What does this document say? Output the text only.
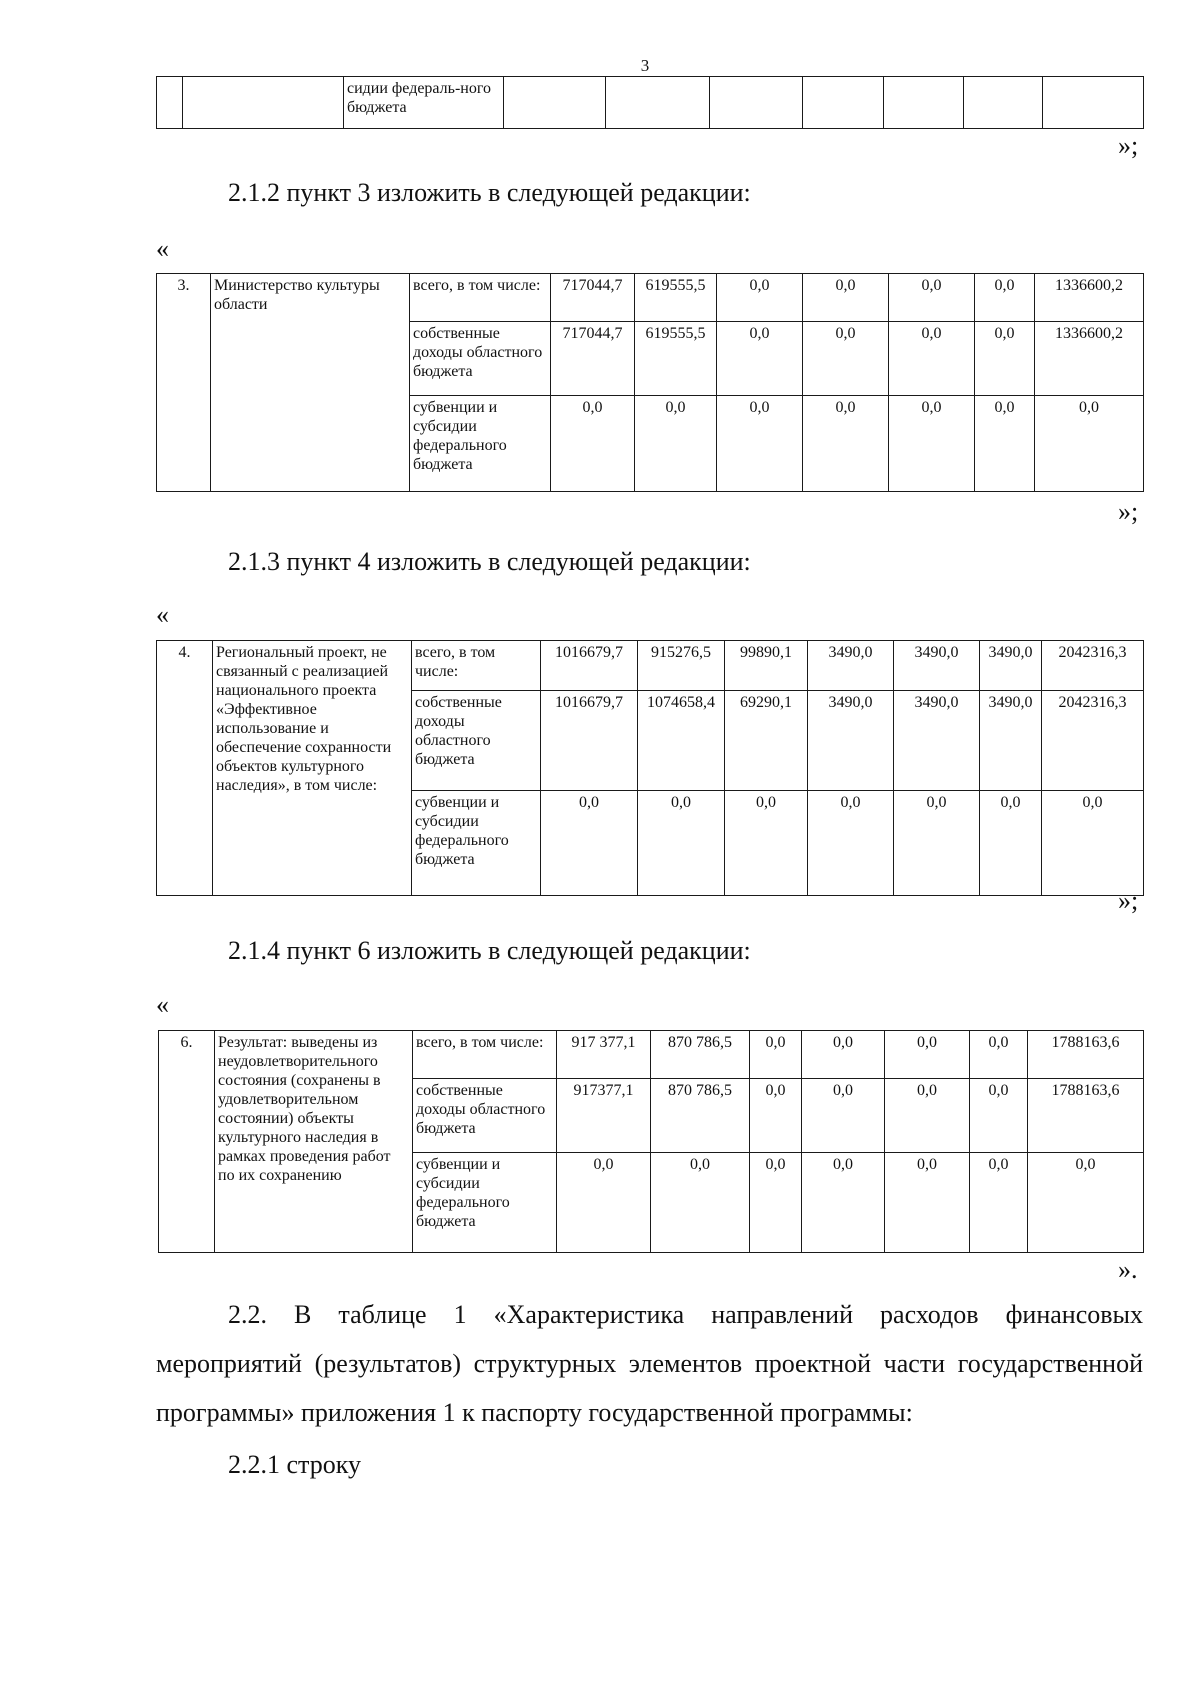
3
		сидии федераль-ного бюджета							
»;
2.1.2 пункт 3 изложить в следующей редакции:
«
3.	Министерство культуры области	всего, в том числе:	717044,7	619555,5	0,0	0,0	0,0	0,0	1336600,2
		собственные доходы областного бюджета	717044,7	619555,5	0,0	0,0	0,0	0,0	1336600,2
		субвенции и субсидии федерального бюджета	0,0	0,0	0,0	0,0	0,0	0,0	0,0
»;
2.1.3 пункт 4 изложить в следующей редакции:
«
4.	Региональный проект, не связанный с реализацией национального проекта «Эффективное использование и обеспечение сохранности объектов культурного наследия», в том числе:	всего, в том числе:	1016679,7	915276,5	99890,1	3490,0	3490,0	3490,0	2042316,3
		собственные доходы областного бюджета	1016679,7	1074658,4	69290,1	3490,0	3490,0	3490,0	2042316,3
		субвенции и субсидии федерального бюджета	0,0	0,0	0,0	0,0	0,0	0,0	0,0
»;
2.1.4 пункт 6 изложить в следующей редакции:
«
6.	Результат: выведены из неудовлетворительного состояния (сохранены в удовлетворительном состоянии) объекты культурного наследия в рамках проведения работ по их сохранению	всего, в том числе:	917 377,1	870 786,5	0,0	0,0	0,0	0,0	1788163,6
		собственные доходы областного бюджета	917377,1	870 786,5	0,0	0,0	0,0	0,0	1788163,6
		субвенции и субсидии федерального бюджета	0,0	0,0	0,0	0,0	0,0	0,0	0,0
».
2.2. В таблице 1 «Характеристика направлений расходов финансовых мероприятий (результатов) структурных элементов проектной части государственной программы» приложения 1 к паспорту государственной программы:
2.2.1 строку
